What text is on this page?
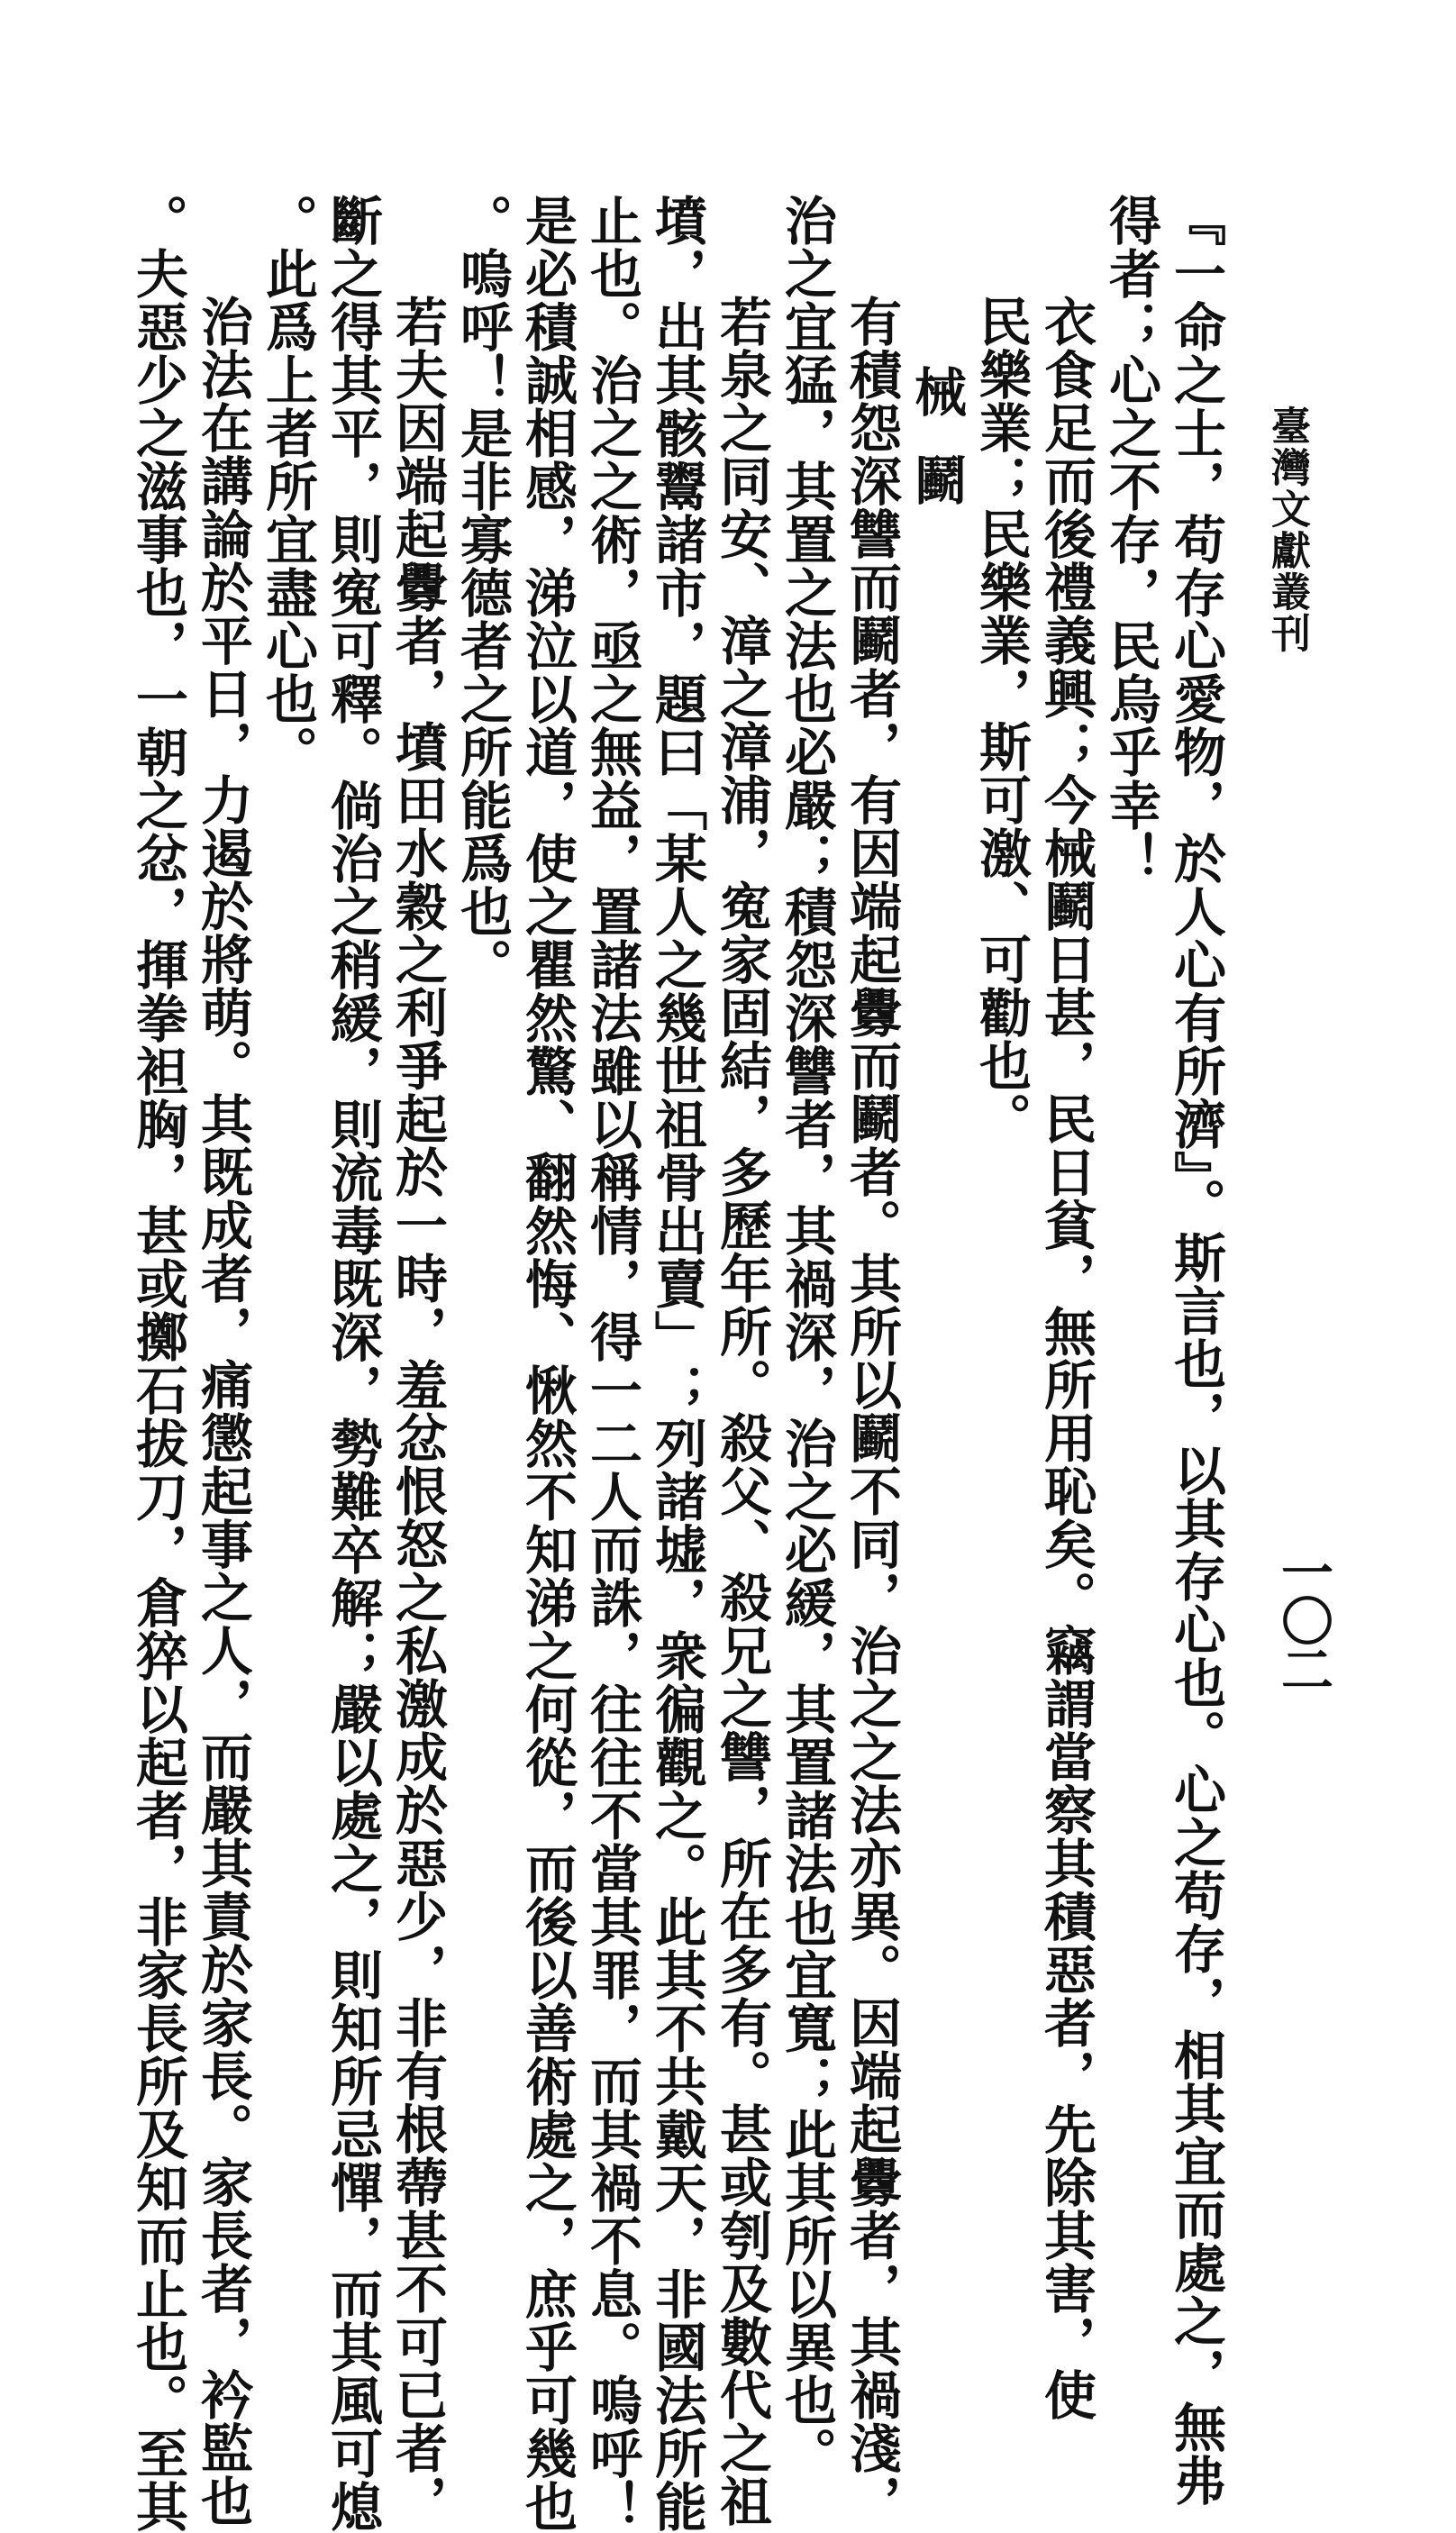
臺灣文獻叢刊
一〇二
『一命之士，苟存心愛物，於人心有所濟』。斯言也，以其存心也。心之苟存，相其宜而處之，無弗
得者；心之不存，民烏乎幸！
衣食足而後禮義興；今械鬬日甚，民日貧，無所用恥矣。竊謂當察其積惡者，先除其害，使
民樂業；民樂業，斯可激、可勸也。
械鬬
有積怨深讐而鬬者，有因端起釁而鬬者。其所以鬬不同，治之之法亦異。因端起釁者，其禍淺，
治之宜猛，其置之法也必嚴；積怨深讐者，其禍深，治之必緩，其置諸法也宜寬；此其所以異也。
若泉之同安、漳之漳浦，寃家固結，多歷年所。殺父、殺兄之讐，所在多有。甚或刳及數代之祖
墳，出其骸鬻諸市，題曰「某人之幾世祖骨出賣」；列諸墟，衆徧觀之。此其不共戴天，非國法所能
止也。治之之術，亟之無益，置諸法雖以稱情，得一二人而誅，往往不當其罪，而其禍不息。嗚呼！
是必積誠相感，涕泣以道，使之瞿然驚、翻然悔、愀然不知涕之何從，而後以善術處之，庶乎可幾也
。嗚呼！是非寡德者之所能爲也。
若夫因端起釁者，墳田水穀之利爭起於一時，羞忿恨怒之私激成於惡少，非有根蔕甚不可已者，
斷之得其平，則寃可釋。倘治之稍緩，則流毒既深，勢難卒解；嚴以處之，則知所忌憚，而其風可熄
。此爲上者所宜盡心也。
治法在講論於平日，力遏於將萌。其既成者，痛懲起事之人，而嚴其責於家長。家長者，衿監也
。夫惡少之滋事也，一朝之忿，揮拳袒胸，甚或擲石拔刀，倉猝以起者，非家長所及知而止也。至其
